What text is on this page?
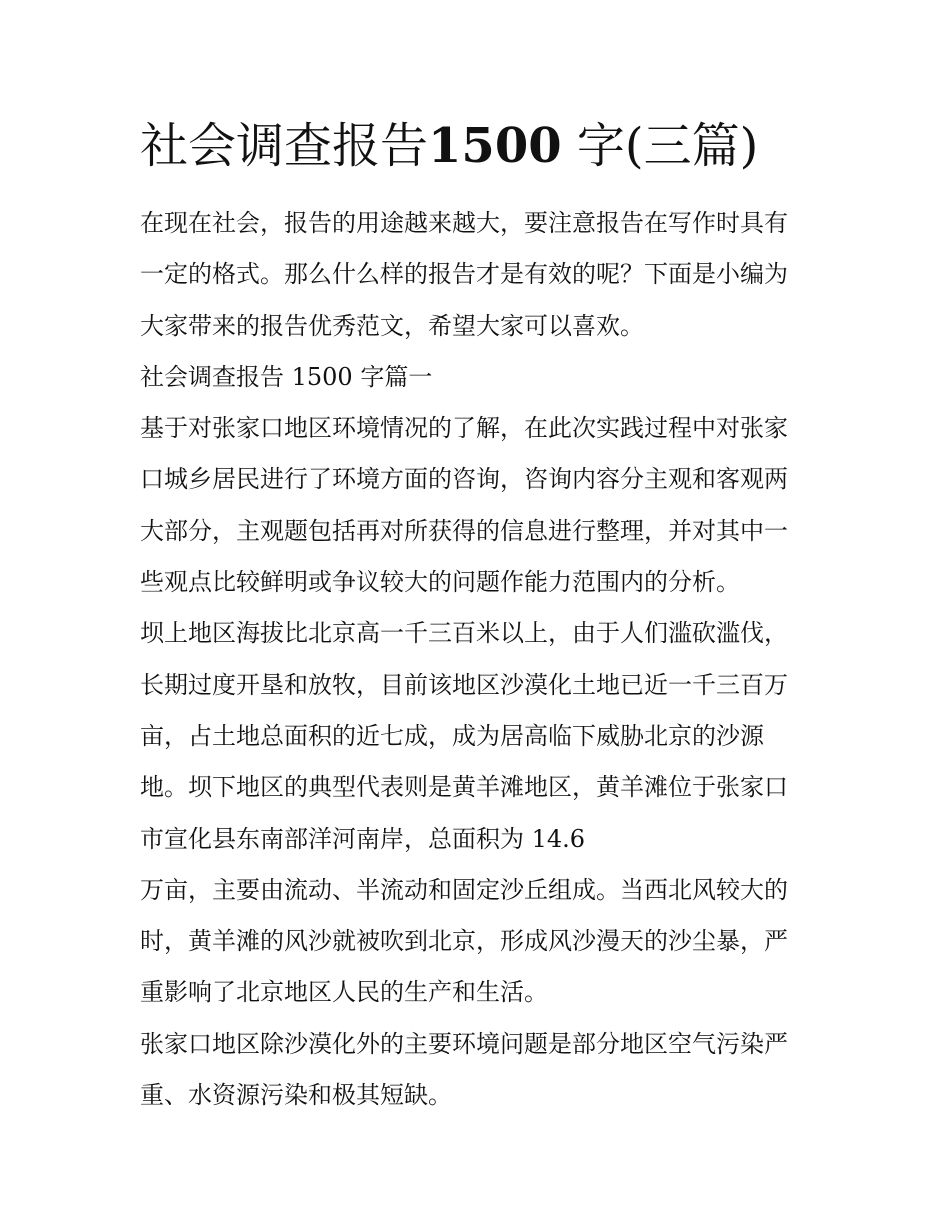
社会调查报告1500 字(三篇)

在现在社会，报告的用途越来越大，要注意报告在写作时具有

一定的格式。那么什么样的报告才是有效的呢？下面是小编为

大家带来的报告优秀范文，希望大家可以喜欢。

社会调查报告 1500 字篇一

基于对张家口地区环境情况的了解，在此次实践过程中对张家

口城乡居民进行了环境方面的咨询，咨询内容分主观和客观两

大部分，主观题包括再对所获得的信息进行整理，并对其中一

些观点比较鲜明或争议较大的问题作能力范围内的分析。

坝上地区海拔比北京高一千三百米以上，由于人们滥砍滥伐，

长期过度开垦和放牧，目前该地区沙漠化土地已近一千三百万

亩，占土地总面积的近七成，成为居高临下威胁北京的沙源

地。坝下地区的典型代表则是黄羊滩地区，黄羊滩位于张家口

市宣化县东南部洋河南岸，总面积为 14.6

万亩，主要由流动、半流动和固定沙丘组成。当西北风较大的

时，黄羊滩的风沙就被吹到北京，形成风沙漫天的沙尘暴，严

重影响了北京地区人民的生产和生活。

张家口地区除沙漠化外的主要环境问题是部分地区空气污染严

重、水资源污染和极其短缺。
